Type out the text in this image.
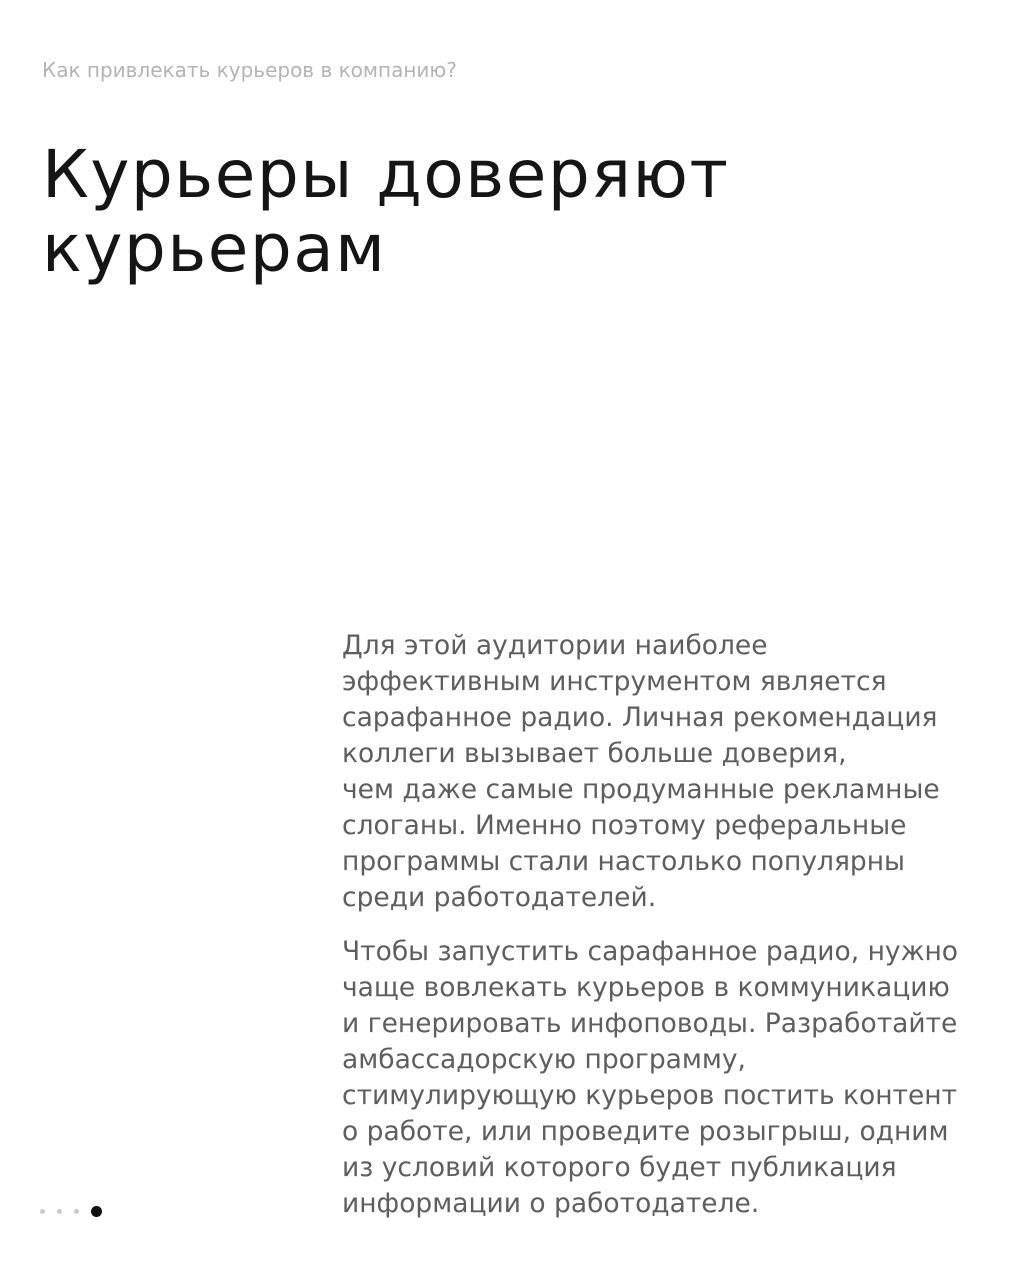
Как привлекать курьеров в компанию?
Курьеры доверяют
курьерам

Для этой аудитории наиболее
эффективным инструментом является
сарафанное радио. Личная рекомендация
коллеги вызывает больше доверия,
чем даже самые продуманные рекламные
слоганы. Именно поэтому реферальные
программы стали настолько популярны
среди работодателей.

Чтобы запустить сарафанное радио, нужно
чаще вовлекать курьеров в коммуникацию
и генерировать инфоповоды. Разработайте
амбассадорскую программу,
стимулирующую курьеров постить контент
о работе, или проведите розыгрыш, одним
из условий которого будет публикация
информации о работодателе.
